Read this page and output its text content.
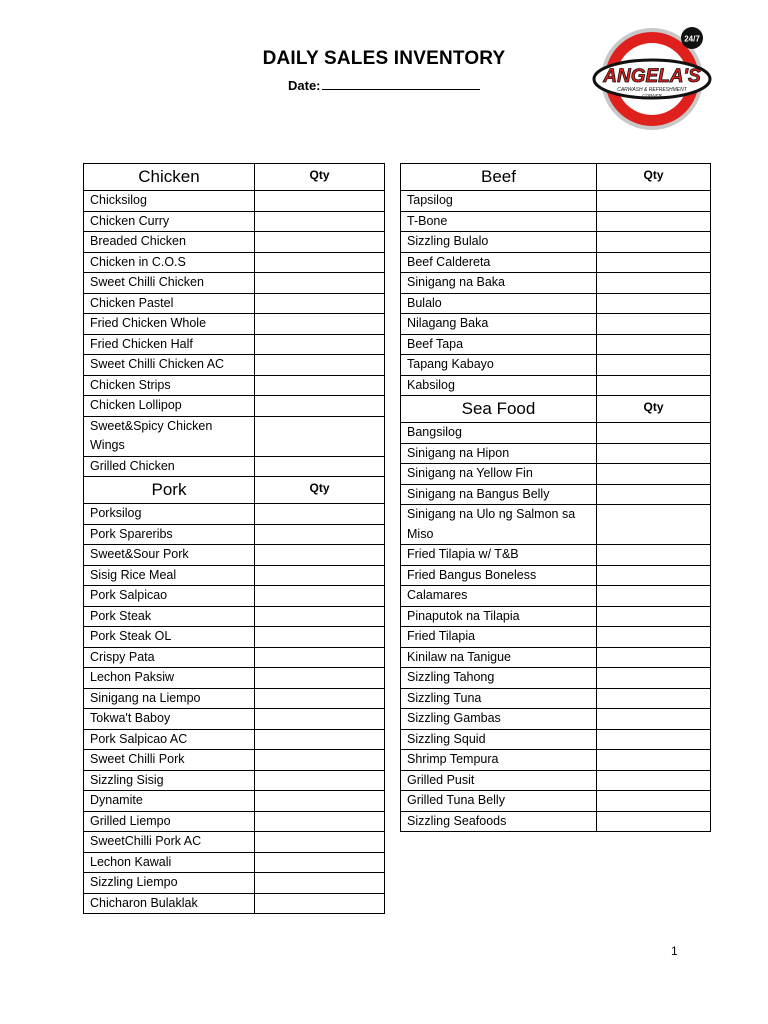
DAILY SALES INVENTORY
Date:
24/7
ANGELA'S
CARWASH & REFRESHMENT
CORNER
Chicken	Qty
Chicksilog	
Chicken Curry	
Breaded Chicken	
Chicken in C.O.S	
Sweet Chilli Chicken	
Chicken Pastel	
Fried Chicken Whole	
Fried Chicken Half	
Sweet Chilli Chicken AC	
Chicken Strips	
Chicken Lollipop	
Sweet&Spicy Chicken Wings	
Grilled Chicken	
Pork	Qty
Porksilog	
Pork Spareribs	
Sweet&Sour Pork	
Sisig Rice Meal	
Pork Salpicao	
Pork Steak	
Pork Steak OL	
Crispy Pata	
Lechon Paksiw	
Sinigang na Liempo	
Tokwa't Baboy	
Pork Salpicao AC	
Sweet Chilli Pork	
Sizzling Sisig	
Dynamite	
Grilled Liempo	
SweetChilli Pork AC	
Lechon Kawali	
Sizzling Liempo	
Chicharon Bulaklak	
Beef	Qty
Tapsilog	
T-Bone	
Sizzling Bulalo	
Beef Caldereta	
Sinigang na Baka	
Bulalo	
Nilagang Baka	
Beef Tapa	
Tapang Kabayo	
Kabsilog	
Sea Food	Qty
Bangsilog	
Sinigang na Hipon	
Sinigang na Yellow Fin	
Sinigang na Bangus Belly	
Sinigang na Ulo ng Salmon sa Miso	
Fried Tilapia w/ T&B	
Fried Bangus Boneless	
Calamares	
Pinaputok na Tilapia	
Fried Tilapia	
Kinilaw na Tanigue	
Sizzling Tahong	
Sizzling Tuna	
Sizzling Gambas	
Sizzling Squid	
Shrimp Tempura	
Grilled Pusit	
Grilled Tuna Belly	
Sizzling Seafoods	
1
